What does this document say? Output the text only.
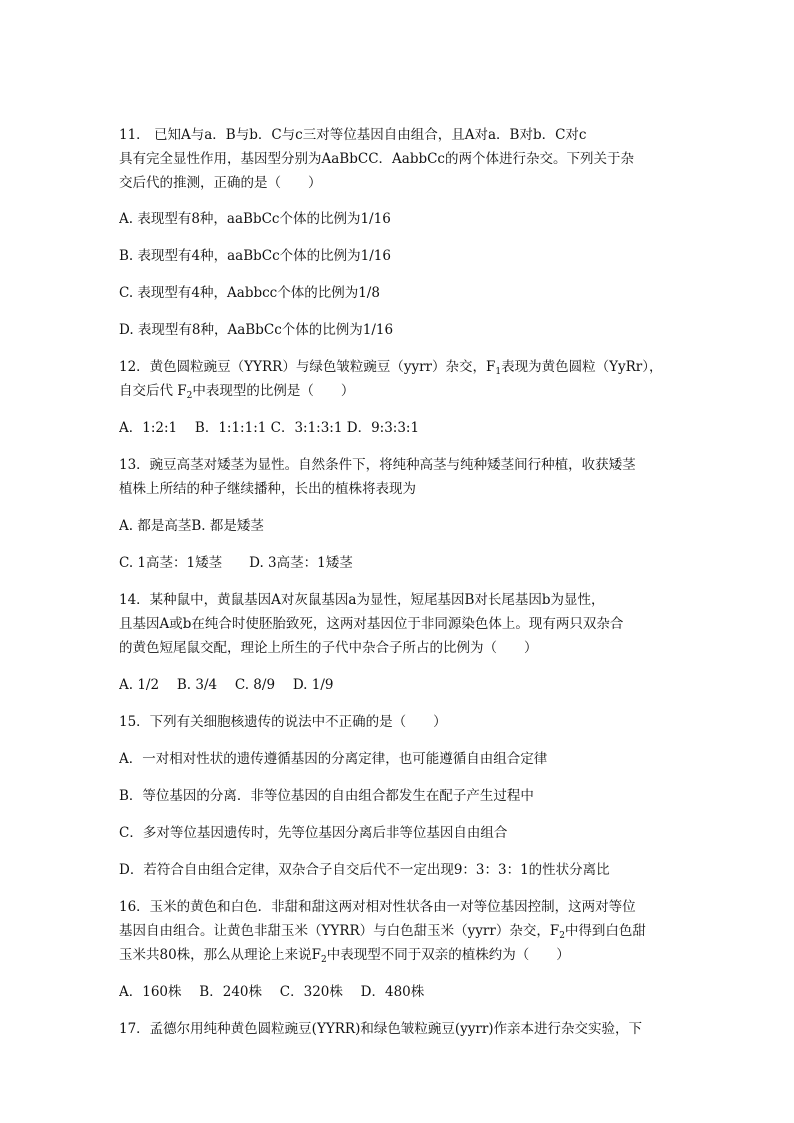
11． 已知A与a．B与b．C与c三对等位基因自由组合，且A对a．B对b．C对c
具有完全显性作用，基因型分别为AaBbCC．AabbCc的两个体进行杂交。下列关于杂
交后代的推测，正确的是（　　）
A. 表现型有8种，aaBbCc个体的比例为1/16
B. 表现型有4种，aaBbCc个体的比例为1/16
C. 表现型有4种，Aabbcc个体的比例为1/8
D. 表现型有8种，AaBbCc个体的比例为1/16
12．黄色圆粒豌豆（YYRR）与绿色皱粒豌豆（yyrr）杂交，$F_1$表现为黄色圆粒（YyRr），
自交后代 $F_2$中表现型的比例是（　　）
A．1:2:1　 B．1:1:1:1 C．3:1:3:1 D．9:3:3:1
13．豌豆高茎对矮茎为显性。自然条件下，将纯种高茎与纯种矮茎间行种植，收获矮茎
植株上所结的种子继续播种，长出的植株将表现为
A. 都是高茎B. 都是矮茎
C. 1高茎：1矮茎　　D. 3高茎：1矮茎
14．某种鼠中，黄鼠基因A对灰鼠基因a为显性，短尾基因B对长尾基因b为显性，
且基因A或b在纯合时使胚胎致死，这两对基因位于非同源染色体上。现有两只双杂合
的黄色短尾鼠交配，理论上所生的子代中杂合子所占的比例为（　　）
A. 1/2　 B. 3/4　 C. 8/9　 D. 1/9
15．下列有关细胞核遗传的说法中不正确的是（　　）
A．一对相对性状的遗传遵循基因的分离定律，也可能遵循自由组合定律
B．等位基因的分离．非等位基因的自由组合都发生在配子产生过程中
C．多对等位基因遗传时，先等位基因分离后非等位基因自由组合
D．若符合自由组合定律，双杂合子自交后代不一定出现9：3：3：1的性状分离比
16．玉米的黄色和白色．非甜和甜这两对相对性状各由一对等位基因控制，这两对等位
基因自由组合。让黄色非甜玉米（YYRR）与白色甜玉米（yyrr）杂交，$F_2$中得到白色甜
玉米共80株，那么从理论上来说$F_2$中表现型不同于双亲的植株约为（　　）
A．160株　 B．240株　 C．320株　 D．480株
17．孟德尔用纯种黄色圆粒豌豆(YYRR)和绿色皱粒豌豆(yyrr)作亲本进行杂交实验，下
